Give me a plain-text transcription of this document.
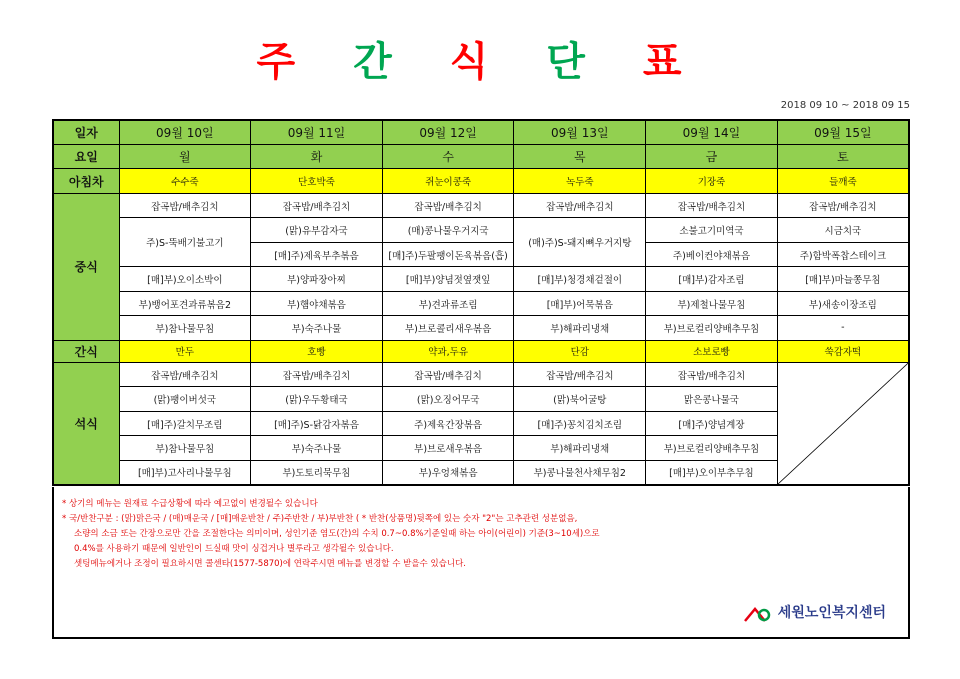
주 간 식 단 표
2018 09 10 ~ 2018 09 15
일자	09월 10일	09월 11일	09월 12일	09월 13일	09월 14일	09월 15일
요일	월	화	수	목	금	토
아침차	수수죽	단호박죽	쥐눈이콩죽	녹두죽	기장죽	들깨죽
중식	잡곡밥/배추김치	잡곡밥/배추김치	잡곡밥/배추김치	잡곡밥/배추김치	잡곡밥/배추김치	잡곡밥/배추김치
	주)S-뚝배기불고기	(맑)유부감자국	(매)콩나물우거지국	(매)주)S-돼지뼈우거지탕	소불고기미역국	시금치국
		[매]주)제육부추볶음	[매]주)두팔팽이돈육볶음(흡)		주)베이컨야채볶음	주)함박폭찹스테이크
	[매]부)오이소박이	부)양파장아찌	[매]부)양념젓옆잿잎	[매]부)청경채겉절이	[매]부)감자조림	[매]부)마늘쫑무침
	부)뱅어포견과류볶음2	부)햄야채볶음	부)견과류조림	[매]부)어묵볶음	부)제철나물무침	부)새송이장조림
	부)참나물무침	부)숙주나물	부)브로콜리새우볶음	부)해파리냉채	부)브로컬리양배추무침	-
간식	만두	호빵	약과,두유	단감	소보로빵	쑥감자떡
석식	잡곡밥/배추김치	잡곡밥/배추김치	잡곡밥/배추김치	잡곡밥/배추김치	잡곡밥/배추김치	

	(맑)팽이버섯국	(맑)우두황태국	(맑)오징어무국	(맑)북어굴탕	맑은콩나물국	
	[매]주)갈치무조림	[매]주)S-닭감자볶음	주)제육간장볶음	[매]주)꽁치김치조림	[매]주)양념계장	
	부)참나물무침	부)숙주나물	부)브로새우볶음	부)해파리냉채	부)브로컬리양배추무침	
	[매]부)고사리나물무침	부)도토리묵무침	부)우엉채볶음	부)콩나물천사채무침2	[매]부)오이부추무침	

* 상기의 메뉴는 원재료 수급상황에 따라 예고없이 변경될수 있습니다

* 국/반찬구분 : (맑)맑은국 / (매)매운국 / [매]매운반찬 / 주)주반찬 / 부)부반찬 ( * 반찬(상품명)뒷쪽에 있는 숫자 "2"는 고추관련 성분없음,

소량의 소금 또는 간장으로만 간을 조절한다는 의미이며, 성인기준 염도(간)의 수치 0.7~0.8%기준일때 하는 아이(어린이) 기준(3~10세)으로

0.4%를 사용하기 때문에 일반인이 드실때 맛이 싱겁거나 별루라고 생각될수 있습니다.

셋팅메뉴에거나 조정이 필요하시면 콜센타(1577-5870)에 연락주시면 메뉴를 변경할 수 받을수 있습니다.

세원노인복지센터
